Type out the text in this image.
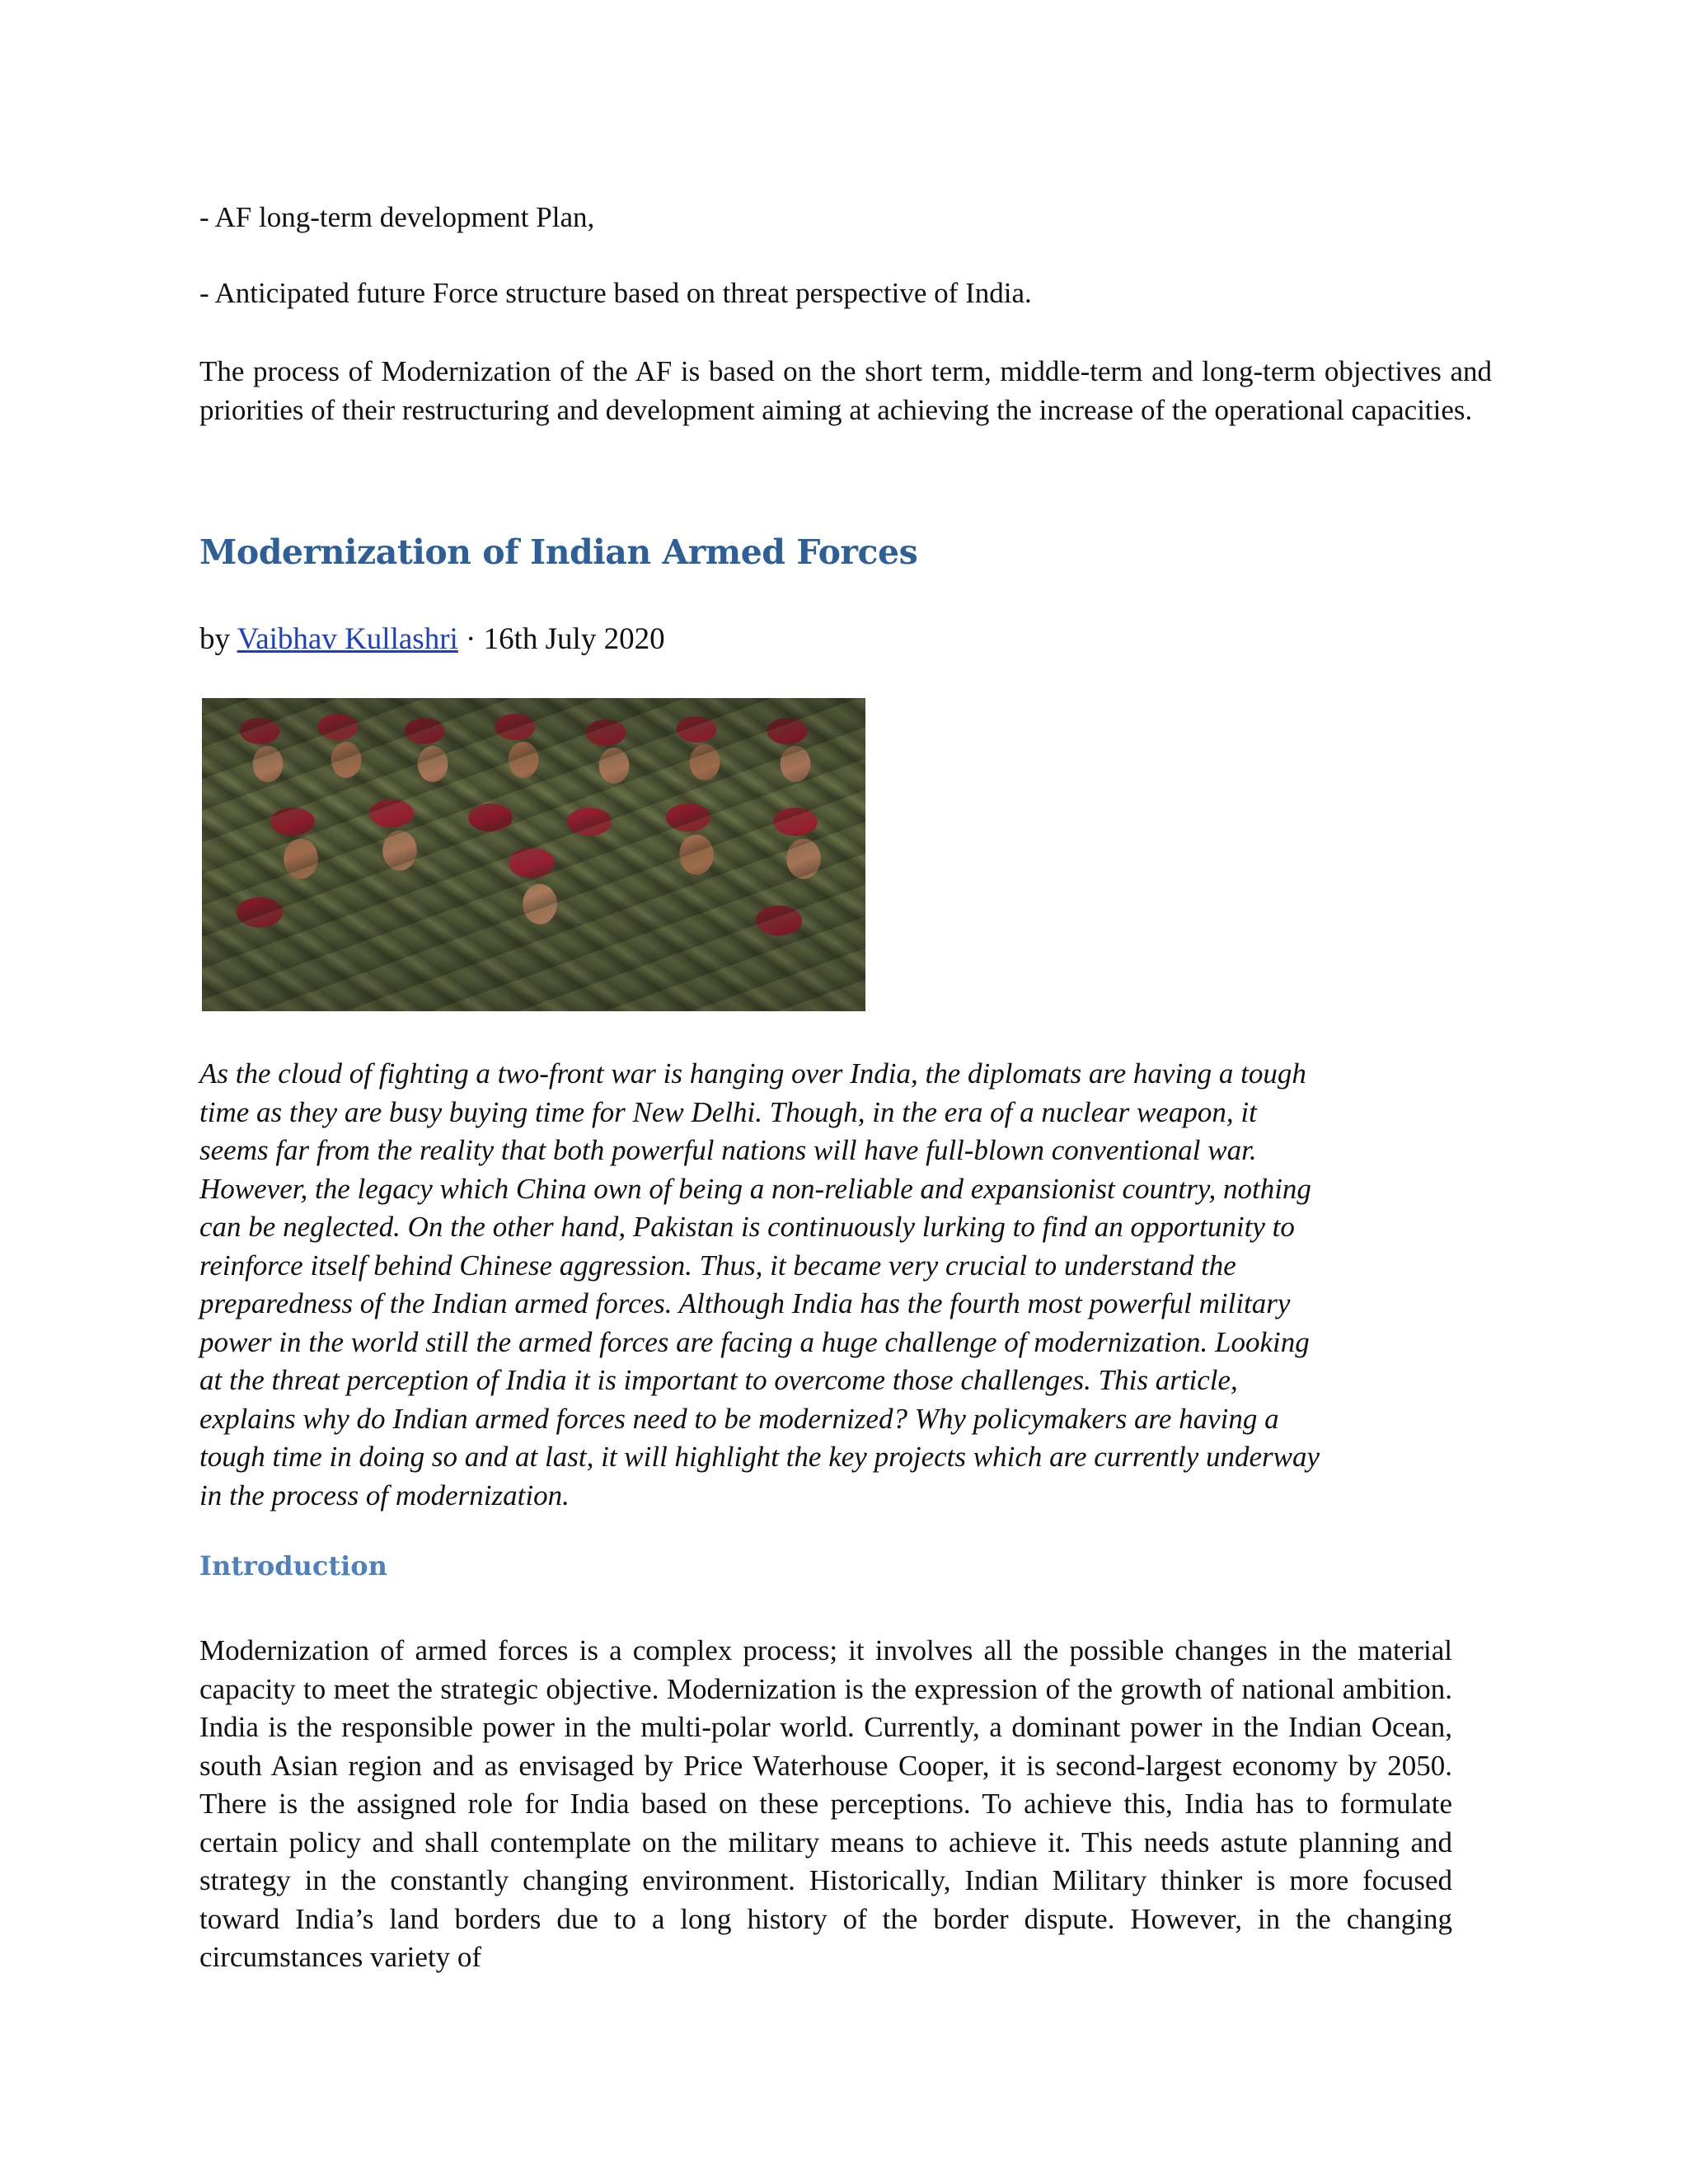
- AF long-term development Plan,

- Anticipated future Force structure based on threat perspective of India.

The process of Modernization of the AF is based on the short term, middle-term and long-term objectives and priorities of their restructuring and development aiming at achieving the increase of the operational capacities.

Modernization of Indian Armed Forces
by Vaibhav Kullashri · 16th July 2020
As the cloud of fighting a two-front war is hanging over India, the diplomats are having a tough
time as they are busy buying time for New Delhi. Though, in the era of a nuclear weapon, it
seems far from the reality that both powerful nations will have full-blown conventional war.
However, the legacy which China own of being a non-reliable and expansionist country, nothing
can be neglected. On the other hand, Pakistan is continuously lurking to find an opportunity to
reinforce itself behind Chinese aggression. Thus, it became very crucial to understand the
preparedness of the Indian armed forces. Although India has the fourth most powerful military
power in the world still the armed forces are facing a huge challenge of modernization. Looking
at the threat perception of India it is important to overcome those challenges. This article,
explains why do Indian armed forces need to be modernized? Why policymakers are having a
tough time in doing so and at last, it will highlight the key projects which are currently underway
in the process of modernization.
Introduction

Modernization of armed forces is a complex process; it involves all the possible changes in the material capacity to meet the strategic objective. Modernization is the expression of the growth of national ambition. India is the responsible power in the multi-polar world. Currently, a dominant power in the Indian Ocean, south Asian region and as envisaged by Price Waterhouse Cooper, it is second-largest economy by 2050. There is the assigned role for India based on these perceptions. To achieve this, India has to formulate certain policy and shall contemplate on the military means to achieve it. This needs astute planning and strategy in the constantly changing environment. Historically, Indian Military thinker is more focused toward India’s land borders due to a long history of the border dispute. However, in the changing circumstances variety of
